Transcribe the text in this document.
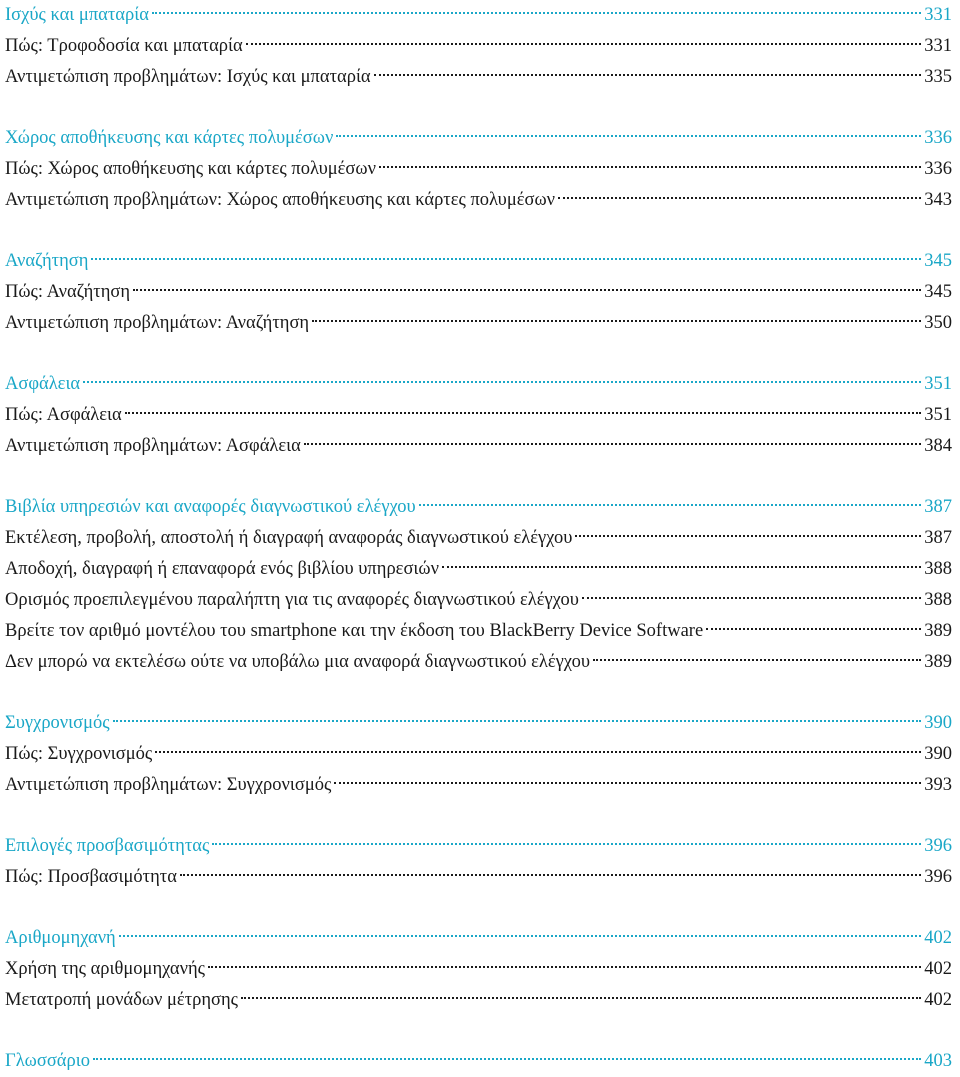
Ισχύς και μπαταρία	331
Πώς: Τροφοδοσία και μπαταρία	331
Αντιμετώπιση προβλημάτων: Ισχύς και μπαταρία	335
Χώρος αποθήκευσης και κάρτες πολυμέσων	336
Πώς: Χώρος αποθήκευσης και κάρτες πολυμέσων	336
Αντιμετώπιση προβλημάτων: Χώρος αποθήκευσης και κάρτες πολυμέσων	343
Αναζήτηση	345
Πώς: Αναζήτηση	345
Αντιμετώπιση προβλημάτων: Αναζήτηση	350
Ασφάλεια	351
Πώς: Ασφάλεια	351
Αντιμετώπιση προβλημάτων: Ασφάλεια	384
Βιβλία υπηρεσιών και αναφορές διαγνωστικού ελέγχου	387
Εκτέλεση, προβολή, αποστολή ή διαγραφή αναφοράς διαγνωστικού ελέγχου	387
Αποδοχή, διαγραφή ή επαναφορά ενός βιβλίου υπηρεσιών	388
Ορισμός προεπιλεγμένου παραλήπτη για τις αναφορές διαγνωστικού ελέγχου	388
Βρείτε τον αριθμό μοντέλου του smartphone και την έκδοση του BlackBerry Device Software	389
Δεν μπορώ να εκτελέσω ούτε να υποβάλω μια αναφορά διαγνωστικού ελέγχου	389
Συγχρονισμός	390
Πώς: Συγχρονισμός	390
Αντιμετώπιση προβλημάτων: Συγχρονισμός	393
Επιλογές προσβασιμότητας	396
Πώς: Προσβασιμότητα	396
Αριθμομηχανή	402
Χρήση της αριθμομηχανής	402
Μετατροπή μονάδων μέτρησης	402
Γλωσσάριο	403
